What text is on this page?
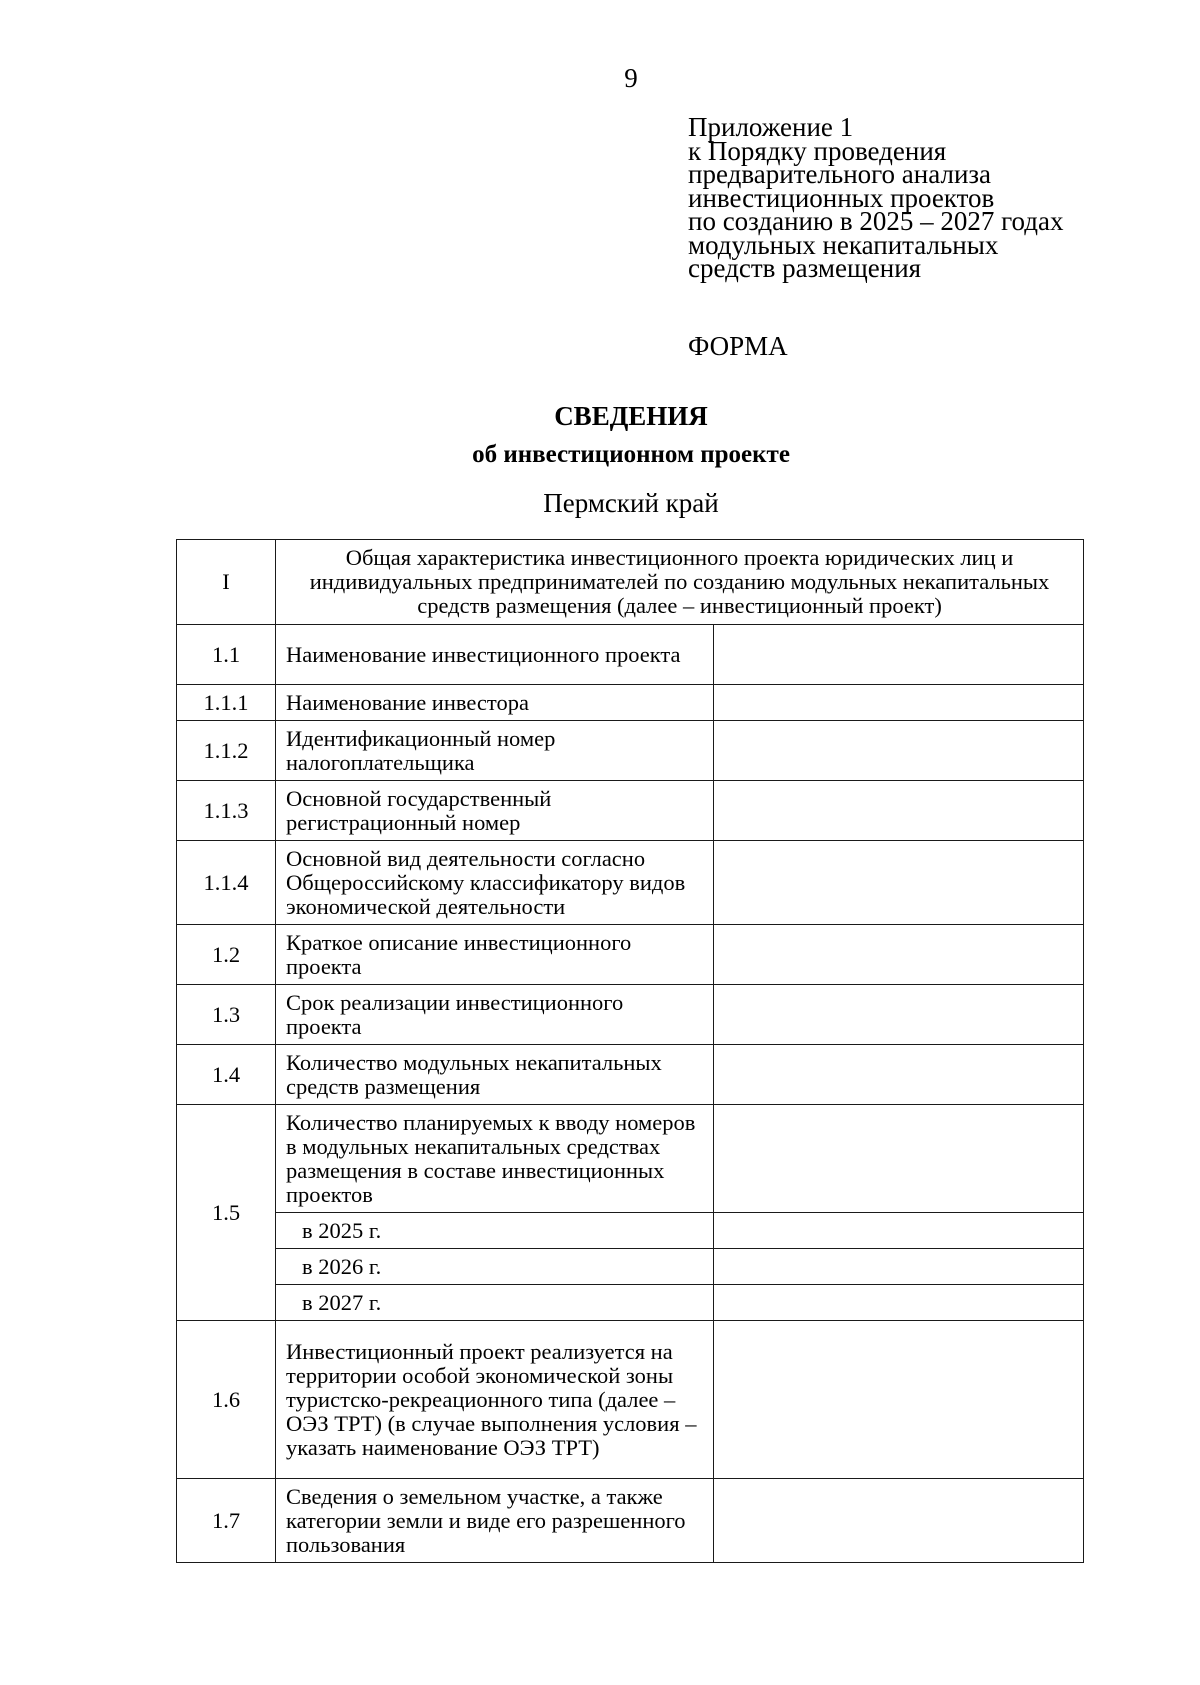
9
Приложение 1
к Порядку проведения
предварительного анализа
инвестиционных проектов
по созданию в 2025 – 2027 годах
модульных некапитальных
средств размещения
ФОРМА
СВЕДЕНИЯ
об инвестиционном проекте
Пермский край
I	Общая характеристика инвестиционного проекта юридических лиц и индивидуальных предпринимателей по созданию модульных некапитальных средств размещения (далее – инвестиционный проект)	
1.1	Наименование инвестиционного проекта	
1.1.1	Наименование инвестора	
1.1.2	Идентификационный номер налогоплательщика	
1.1.3	Основной государственный регистрационный номер	
1.1.4	Основной вид деятельности согласно Общероссийскому классификатору видов экономической деятельности	
1.2	Краткое описание инвестиционного проекта	
1.3	Срок реализации инвестиционного проекта	
1.4	Количество модульных некапитальных средств размещения	
1.5	Количество планируемых к вводу номеров в модульных некапитальных средствах размещения в составе инвестиционных проектов	
	в 2025 г.	
	в 2026 г.	
	в 2027 г.	
1.6	Инвестиционный проект реализуется на территории особой экономической зоны туристско-рекреационного типа (далее – ОЭЗ ТРТ) (в случае выполнения условия – указать наименование ОЭЗ ТРТ)	
1.7	Сведения о земельном участке, а также категории земли и виде его разрешенного пользования	
